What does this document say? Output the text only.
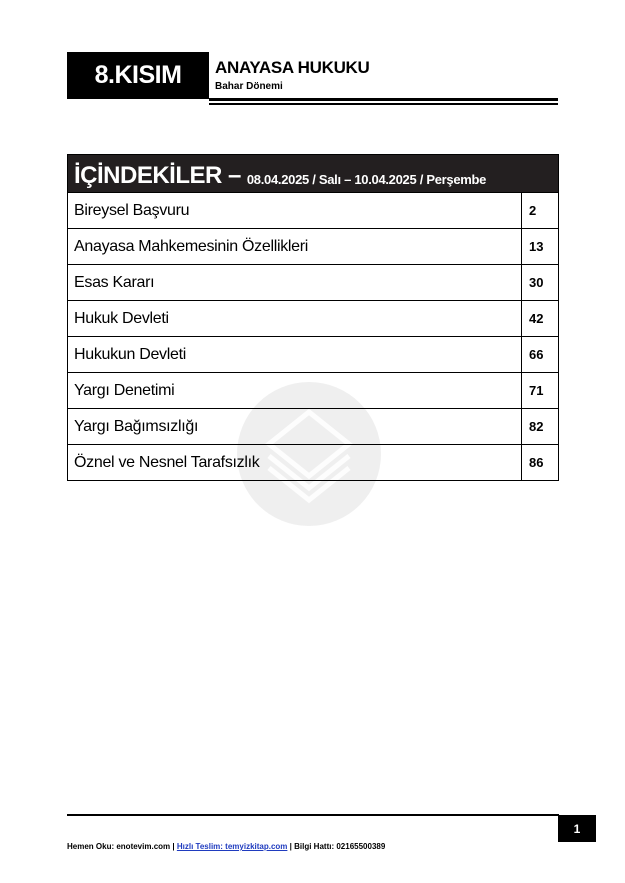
8.KISIM	ANAYASA HUKUKU
Bahar Dönemi
İÇİNDEKİLER – 08.04.2025 / Salı – 10.04.2025 / Perşembe
Bireysel Başvuru	2
Anayasa Mahkemesinin Özellikleri	13
Esas Kararı	30
Hukuk Devleti	42
Hukukun Devleti	66
Yargı Denetimi	71
Yargı Bağımsızlığı	82
Öznel ve Nesnel Tarafsızlık	86
1
Hemen Oku: enotevim.com | Hızlı Teslim: temyizkitap.com | Bilgi Hattı: 02165500389
